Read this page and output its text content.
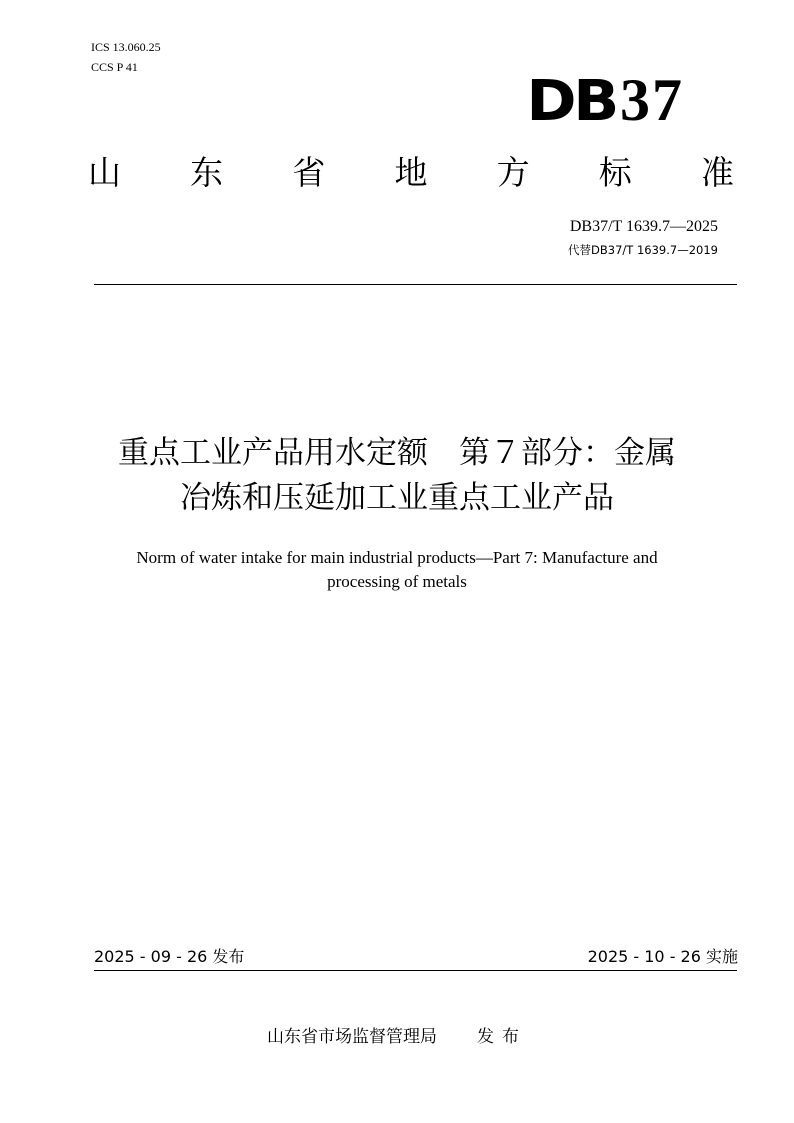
ICS 13.060.25
CCS P 41
DB 37
山 东 省 地 方 标 准
DB37/T 1639.7—2025
代替DB37/T 1639.7—2019
重点工业产品用水定额　第７部分：金属
冶炼和压延加工业重点工业产品
Norm of water intake for main industrial products—Part 7: Manufacture and
processing of metals
2025 - 09 - 26 发布	2025 - 10 - 26 实施
山东省市场监督管理局 发布
